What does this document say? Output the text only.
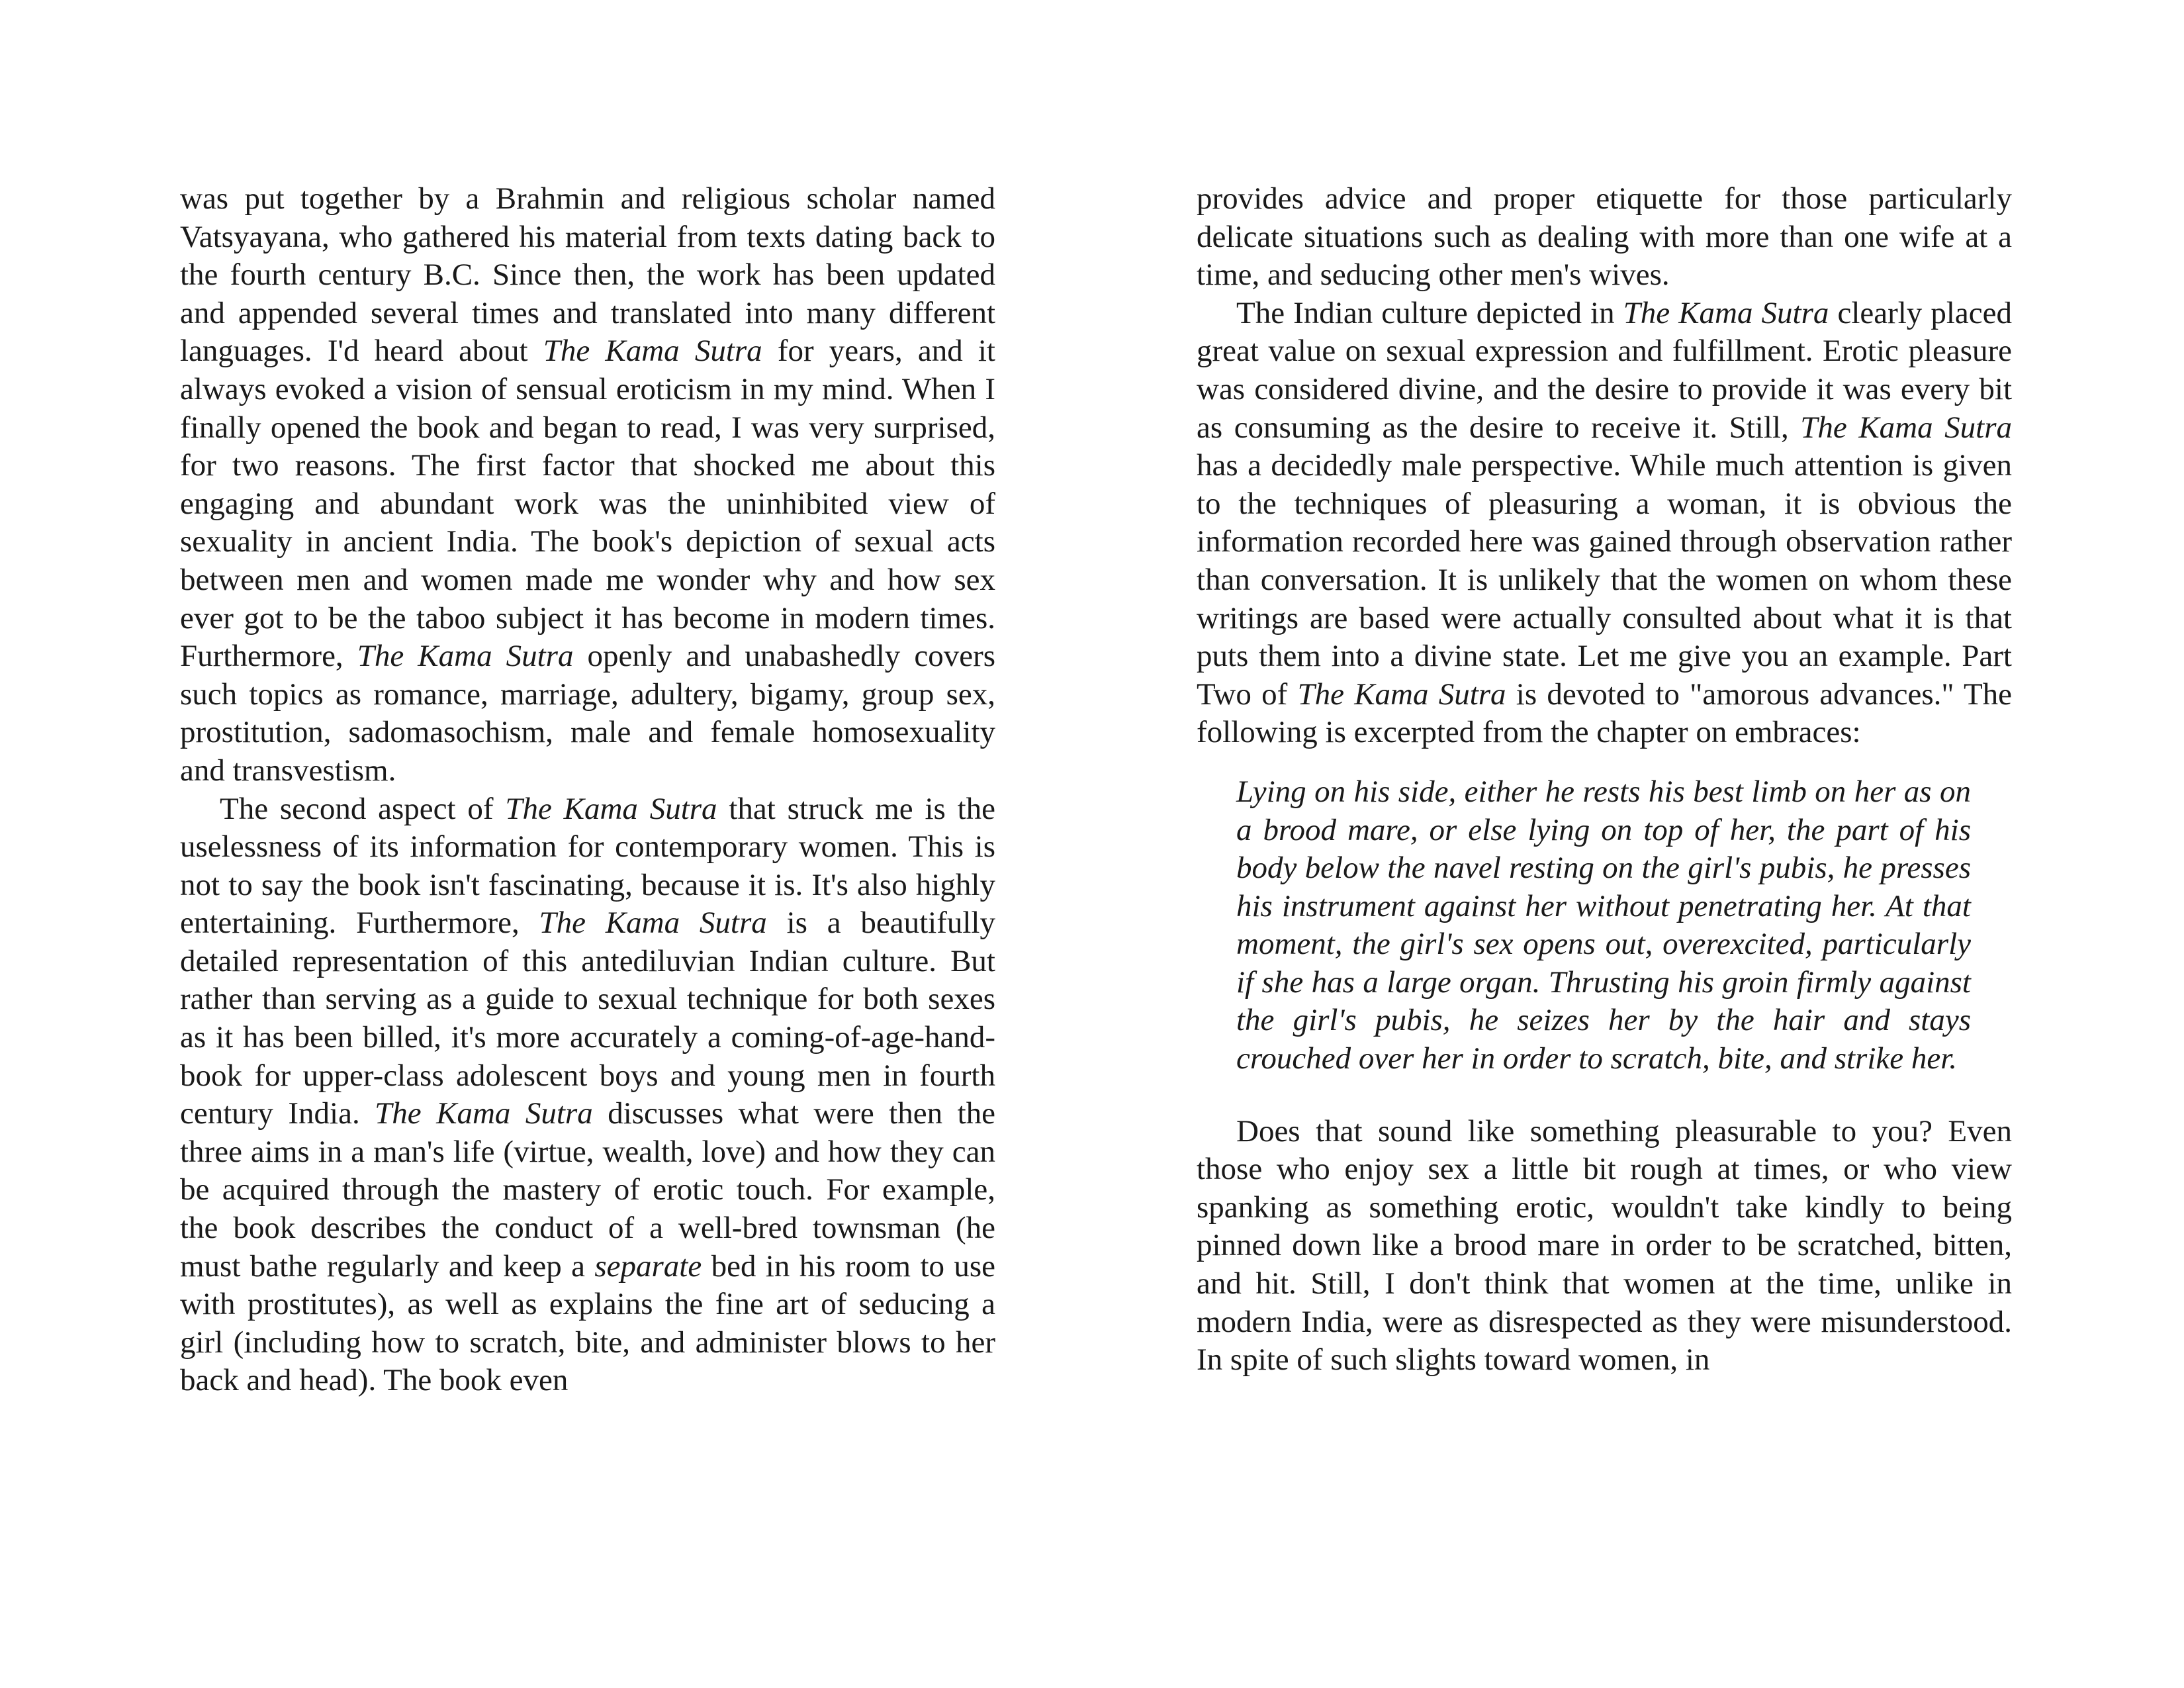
was put together by a Brahmin and religious scholar named Vatsyayana, who gathered his material from texts dating back to the fourth century B.C. Since then, the work has been updated and appended several times and translated into many different languages. I'd heard about The Kama Sutra for years, and it always evoked a vision of sensual eroticism in my mind. When I finally opened the book and began to read, I was very surprised, for two reasons. The first factor that shocked me about this engaging and abundant work was the uninhibited view of sexuality in ancient India. The book's depiction of sexual acts between men and women made me wonder why and how sex ever got to be the taboo subject it has become in modern times. Furthermore, The Kama Sutra openly and unabashedly covers such topics as romance, marriage, adultery, bigamy, group sex, prostitution, sadomasochism, male and female homosexuality and transvestism.

The second aspect of The Kama Sutra that struck me is the uselessness of its information for contemporary women. This is not to say the book isn't fascinating, because it is. It's also highly entertaining. Furthermore, The Kama Sutra is a beautifully detailed representation of this antediluvian Indian culture. But rather than serving as a guide to sexual technique for both sexes as it has been billed, it's more accurately a coming-of-age-hand-book for upper-class adolescent boys and young men in fourth century India. The Kama Sutra discusses what were then the three aims in a man's life (virtue, wealth, love) and how they can be acquired through the mastery of erotic touch. For example, the book describes the conduct of a well-bred townsman (he must bathe regularly and keep a separate bed in his room to use with prostitutes), as well as explains the fine art of seducing a girl (including how to scratch, bite, and administer blows to her back and head). The book even

provides advice and proper etiquette for those particularly delicate situations such as dealing with more than one wife at a time, and seducing other men's wives.

The Indian culture depicted in The Kama Sutra clearly placed great value on sexual expression and fulfillment. Erotic pleasure was considered divine, and the desire to provide it was every bit as consuming as the desire to receive it. Still, The Kama Sutra has a decidedly male perspective. While much attention is given to the techniques of pleasuring a woman, it is obvious the information recorded here was gained through observation rather than conversation. It is unlikely that the women on whom these writings are based were actually consulted about what it is that puts them into a divine state. Let me give you an example. Part Two of The Kama Sutra is devoted to "amorous advances." The following is excerpted from the chapter on embraces:

Lying on his side, either he rests his best limb on her as on a brood mare, or else lying on top of her, the part of his body below the navel resting on the girl's pubis, he presses his instrument against her without penetrating her. At that moment, the girl's sex opens out, overexcited, particularly if she has a large organ. Thrusting his groin firmly against the girl's pubis, he seizes her by the hair and stays crouched over her in order to scratch, bite, and strike her.

Does that sound like something pleasurable to you? Even those who enjoy sex a little bit rough at times, or who view spanking as something erotic, wouldn't take kindly to being pinned down like a brood mare in order to be scratched, bitten, and hit. Still, I don't think that women at the time, unlike in modern India, were as disrespected as they were misunderstood. In spite of such slights toward women, in
